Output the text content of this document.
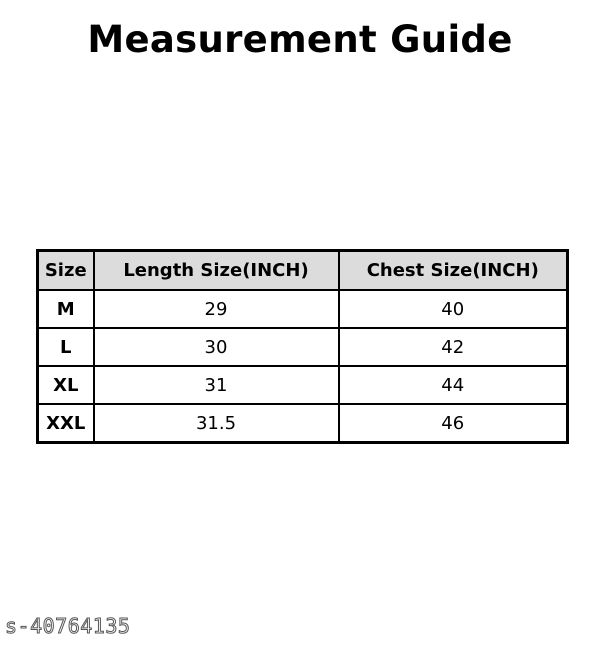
Measurement Guide
Size	Length Size(INCH)	Chest Size(INCH)
M	29	40
L	30	42
XL	31	44
XXL	31.5	46
s-40764135
